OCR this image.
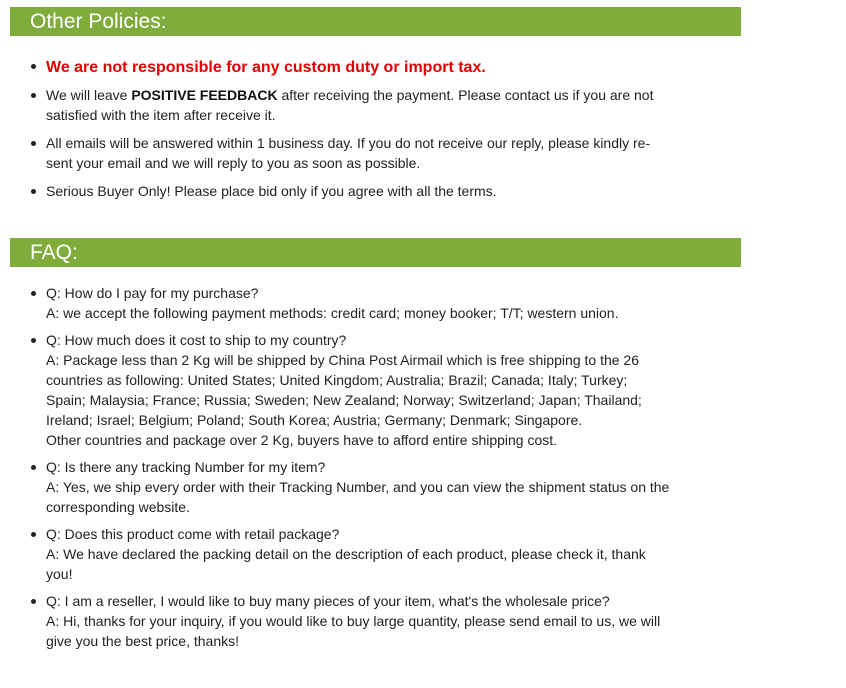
Other Policies:
We are not responsible for any custom duty or import tax.
We will leave POSITIVE FEEDBACK after receiving the payment. Please contact us if you are not satisfied with the item after receive it.
All emails will be answered within 1 business day. If you do not receive our reply, please kindly re-sent your email and we will reply to you as soon as possible.
Serious Buyer Only! Please place bid only if you agree with all the terms.
FAQ:
Q: How do I pay for my purchase?
A: we accept the following payment methods: credit card; money booker; T/T; western union.
Q: How much does it cost to ship to my country?
A: Package less than 2 Kg will be shipped by China Post Airmail which is free shipping to the 26 countries as following: United States; United Kingdom; Australia; Brazil; Canada; Italy; Turkey; Spain; Malaysia; France; Russia; Sweden; New Zealand; Norway; Switzerland; Japan; Thailand; Ireland; Israel; Belgium; Poland; South Korea; Austria; Germany; Denmark; Singapore.
Other countries and package over 2 Kg, buyers have to afford entire shipping cost.
Q: Is there any tracking Number for my item?
A: Yes, we ship every order with their Tracking Number, and you can view the shipment status on the corresponding website.
Q: Does this product come with retail package?
A: We have declared the packing detail on the description of each product, please check it, thank you!
Q: I am a reseller, I would like to buy many pieces of your item, what's the wholesale price?
A: Hi, thanks for your inquiry, if you would like to buy large quantity, please send email to us, we will give you the best price, thanks!
